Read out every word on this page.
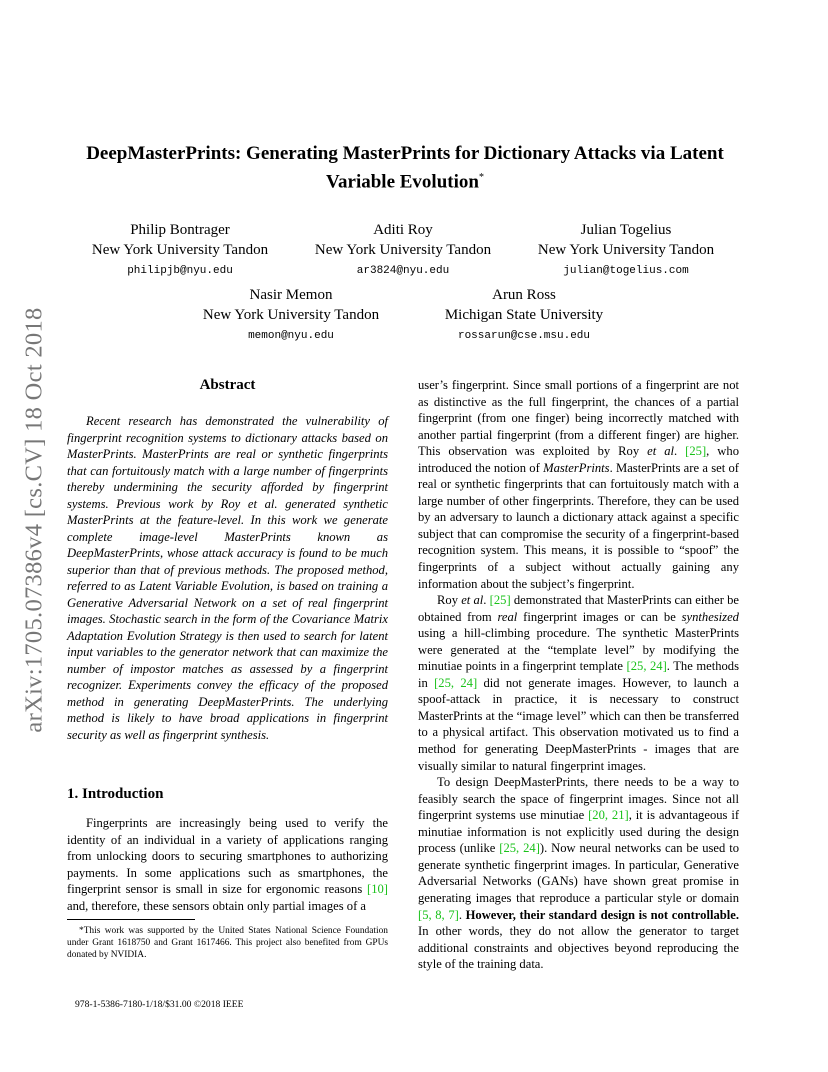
arXiv:1705.07386v4 [cs.CV] 18 Oct 2018
DeepMasterPrints: Generating MasterPrints for Dictionary Attacks via Latent
Variable Evolution*
Philip Bontrager
New York University Tandon
philipjb@nyu.edu
Aditi Roy
New York University Tandon
ar3824@nyu.edu
Julian Togelius
New York University Tandon
julian@togelius.com
Nasir Memon
New York University Tandon
memon@nyu.edu
Arun Ross
Michigan State University
rossarun@cse.msu.edu
Abstract

Recent research has demonstrated the vulnerability of fingerprint recognition systems to dictionary attacks based on MasterPrints. MasterPrints are real or synthetic fingerprints that can fortuitously match with a large number of fingerprints thereby undermining the security afforded by fingerprint systems. Previous work by Roy et al. generated synthetic MasterPrints at the feature-level. In this work we generate complete image-level MasterPrints known as DeepMasterPrints, whose attack accuracy is found to be much superior than that of previous methods. The proposed method, referred to as Latent Variable Evolution, is based on training a Generative Adversarial Network on a set of real fingerprint images. Stochastic search in the form of the Covariance Matrix Adaptation Evolution Strategy is then used to search for latent input variables to the generator network that can maximize the number of impostor matches as assessed by a fingerprint recognizer. Experiments convey the efficacy of the proposed method in generating DeepMasterPrints. The underlying method is likely to have broad applications in fingerprint security as well as fingerprint synthesis.

1. Introduction

Fingerprints are increasingly being used to verify the identity of an individual in a variety of applications ranging from unlocking doors to securing smartphones to authorizing payments. In some applications such as smartphones, the fingerprint sensor is small in size for ergonomic reasons [10] and, therefore, these sensors obtain only partial images of a

user’s fingerprint. Since small portions of a fingerprint are not as distinctive as the full fingerprint, the chances of a partial fingerprint (from one finger) being incorrectly matched with another partial fingerprint (from a different finger) are higher. This observation was exploited by Roy et al. [25], who introduced the notion of MasterPrints. MasterPrints are a set of real or synthetic fingerprints that can fortuitously match with a large number of other fingerprints. Therefore, they can be used by an adversary to launch a dictionary attack against a specific subject that can compromise the security of a fingerprint-based recognition system. This means, it is possible to “spoof” the fingerprints of a subject without actually gaining any information about the subject’s fingerprint.

Roy et al. [25] demonstrated that MasterPrints can either be obtained from real fingerprint images or can be synthesized using a hill-climbing procedure. The synthetic MasterPrints were generated at the “template level” by modifying the minutiae points in a fingerprint template [25, 24]. The methods in [25, 24] did not generate images. However, to launch a spoof-attack in practice, it is necessary to construct MasterPrints at the “image level” which can then be transferred to a physical artifact. This observation motivated us to find a method for generating DeepMasterPrints - images that are visually similar to natural fingerprint images.

To design DeepMasterPrints, there needs to be a way to feasibly search the space of fingerprint images. Since not all fingerprint systems use minutiae [20, 21], it is advantageous if minutiae information is not explicitly used during the design process (unlike [25, 24]). Now neural networks can be used to generate synthetic fingerprint images. In particular, Generative Adversarial Networks (GANs) have shown great promise in generating images that reproduce a particular style or domain [5, 8, 7]. However, their standard design is not controllable. In other words, they do not allow the generator to target additional constraints and objectives beyond reproducing the style of the training data.

*This work was supported by the United States National Science Foundation under Grant 1618750 and Grant 1617466. This project also benefited from GPUs donated by NVIDIA.

978-1-5386-7180-1/18/$31.00 ©2018 IEEE
